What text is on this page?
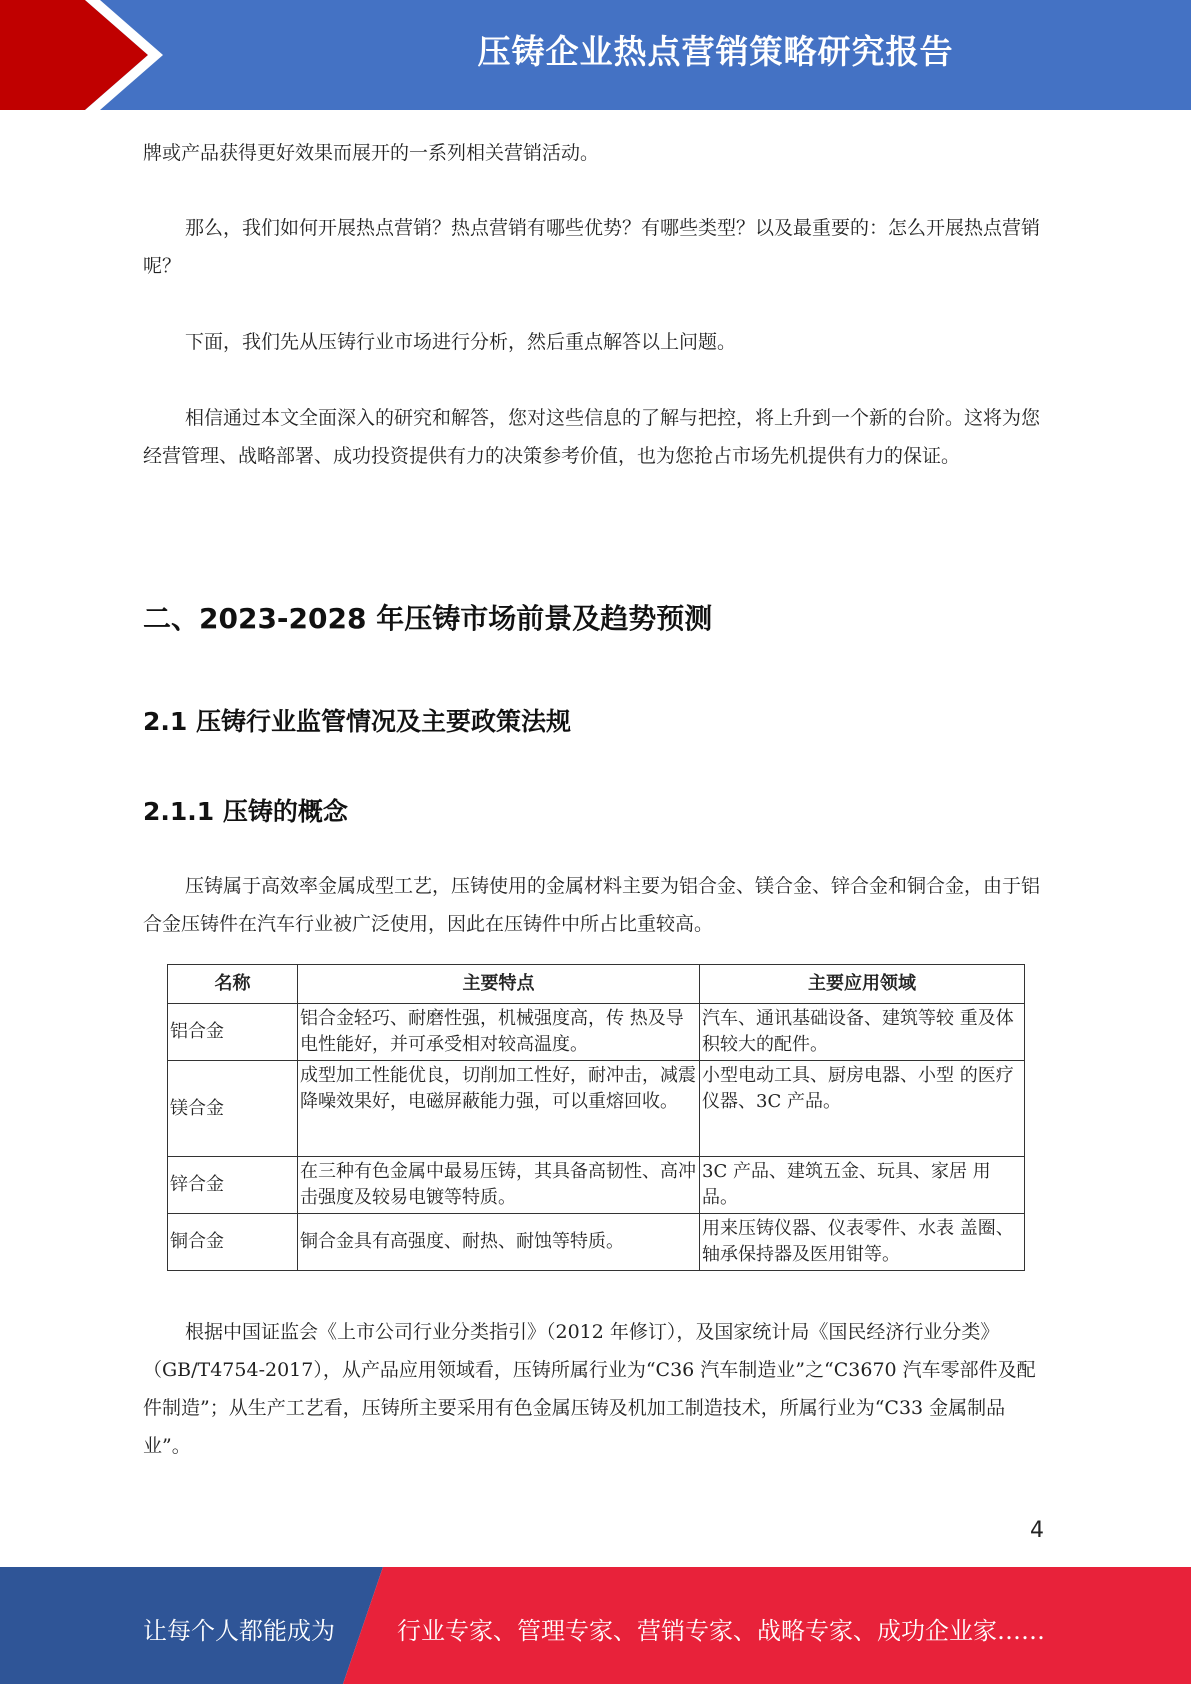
压铸企业热点营销策略研究报告
牌或产品获得更好效果而展开的一系列相关营销活动。
那么，我们如何开展热点营销？热点营销有哪些优势？有哪些类型？以及最重要的：怎么开展热点营销呢？
下面，我们先从压铸行业市场进行分析，然后重点解答以上问题。
相信通过本文全面深入的研究和解答，您对这些信息的了解与把控，将上升到一个新的台阶。这将为您经营管理、战略部署、成功投资提供有力的决策参考价值，也为您抢占市场先机提供有力的保证。
二、2023-2028 年压铸市场前景及趋势预测
2.1 压铸行业监管情况及主要政策法规
2.1.1 压铸的概念
压铸属于高效率金属成型工艺，压铸使用的金属材料主要为铝合金、镁合金、锌合金和铜合金，由于铝合金压铸件在汽车行业被广泛使用，因此在压铸件中所占比重较高。
名称	主要特点	主要应用领域
铝合金	铝合金轻巧、耐磨性强，机械强度高，传 热及导电性能好，并可承受相对较高温度。	汽车、通讯基础设备、建筑等较 重及体积较大的配件。
镁合金	成型加工性能优良，切削加工性好，耐冲击，减震降噪效果好，电磁屏蔽能力强，可以重熔回收。	小型电动工具、厨房电器、小型 的医疗仪器、3C 产品。
锌合金	在三种有色金属中最易压铸，其具备高韧性、高冲击强度及较易电镀等特质。	3C 产品、建筑五金、玩具、家居 用品。
铜合金	铜合金具有高强度、耐热、耐蚀等特质。	用来压铸仪器、仪表零件、水表 盖圈、轴承保持器及医用钳等。
根据中国证监会《上市公司行业分类指引》（2012 年修订），及国家统计局《国民经济行业分类》（GB/T4754-2017），从产品应用领域看，压铸所属行业为“C36 汽车制造业”之“C3670 汽车零部件及配件制造”；从生产工艺看，压铸所主要采用有色金属压铸及机加工制造技术，所属行业为“C33 金属制品业”。
4
让每个人都能成为	行业专家、管理专家、营销专家、战略专家、成功企业家……
